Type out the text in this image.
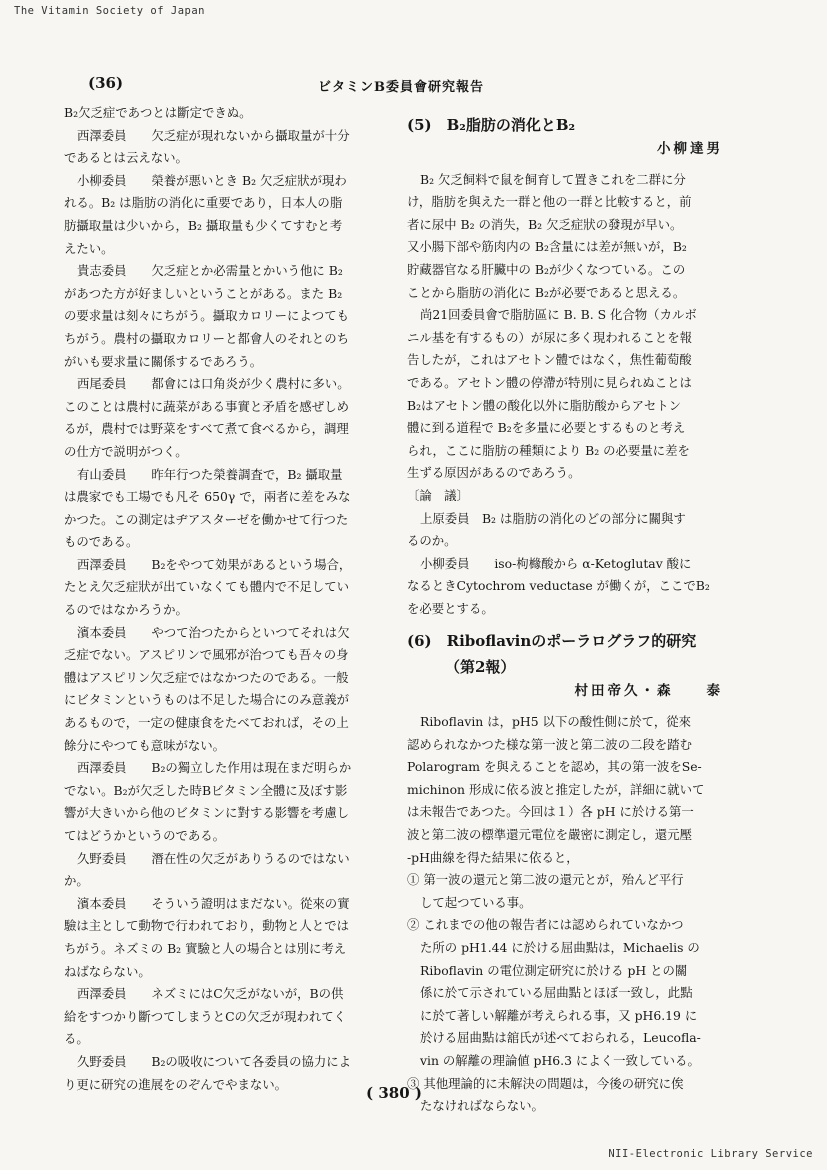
The Vitamin Society of Japan
(36)	ビタミンB委員會研究報告
B₂欠乏症であつとは斷定できぬ。
西澤委員　　欠乏症が現れないから攝取量が十分
であるとは云えない。
小柳委員　　榮養が悪いとき B₂ 欠乏症狀が現わ
れる。B₂ は脂肪の消化に重要であり，日本人の脂
肪攝取量は少いから，B₂ 攝取量も少くてすむと考
えたい。
貴志委員　　欠乏症とか必需量とかいう他に B₂
があつた方が好ましいということがある。また B₂
の要求量は刻々にちがう。攝取カロリーによつても
ちがう。農村の攝取カロリーと都會人のそれとのち
がいも要求量に關係するであろう。
西尾委員　　都會には口角炎が少く農村に多い。
このことは農村に蔬菜がある事實と矛盾を感ぜしめ
るが，農村では野菜をすべて煮て食べるから，調理
の仕方で説明がつく。
有山委員　　昨年行つた榮養調査で，B₂ 攝取量
は農家でも工場でも凡そ 650γ で，兩者に差をみな
かつた。この測定はヂアスターゼを働かせて行つた
ものである。
西澤委員　　B₂をやつて効果があるという場合，
たとえ欠乏症狀が出ていなくても體内で不足してい
るのではなかろうか。
濱本委員　　やつて治つたからといつてそれは欠
乏症でない。アスピリンで風邪が治つても吾々の身
體はアスピリン欠乏症ではなかつたのである。一般
にビタミンというものは不足した場合にのみ意義が
あるもので，一定の健康食をたべておれば，その上
餘分にやつても意味がない。
西澤委員　　B₂の獨立した作用は現在まだ明らか
でない。B₂が欠乏した時Bビタミン全體に及ぼす影
響が大きいから他のビタミンに對する影響を考慮し
てはどうかというのである。
久野委員　　潛在性の欠乏がありうるのではない
か。
濱本委員　　そういう證明はまだない。從來の實
驗は主として動物で行われており，動物と人とでは
ちがう。ネズミの B₂ 實驗と人の場合とは別に考え
ねばならない。
西澤委員　　ネズミにはC欠乏がないが，Bの供
給をすつかり斷つてしまうとCの欠乏が現われてく
る。
久野委員　　B₂の吸收について各委員の協力によ
り更に研究の進展をのぞんでやまない。
(5)　B₂脂肪の消化とB₂
小柳達男
B₂ 欠乏飼料で鼠を飼育して置きこれを二群に分
け，脂肪を與えた一群と他の一群と比較すると，前
者に尿中 B₂ の消失，B₂ 欠乏症狀の發現が早い。
又小腸下部や筋肉内の B₂含量には差が無いが，B₂
貯藏器官なる肝臟中の B₂が少くなつている。この
ことから脂肪の消化に B₂が必要であると思える。
尚21回委員會で脂肪區に B. B. S 化合物（カルボ
ニル基を有するもの）が尿に多く現われることを報
告したが，これはアセトン體ではなく，焦性葡萄酸
である。アセトン體の停滯が特別に見られぬことは
B₂はアセトン體の酸化以外に脂肪酸からアセトン
體に到る道程で B₂を多量に必要とするものと考え
られ，ここに脂肪の種類により B₂ の必要量に差を
生ずる原因があるのであろう。
〔論　議〕
上原委員　B₂ は脂肪の消化のどの部分に關與す
るのか。
小柳委員　　iso-枸櫞酸から α-Ketoglutav 酸に
なるときCytochrom veductase が働くが，ここでB₂
を必要とする。
(6)　Riboflavinのポーラログラフ的研究
（第2報）
村田帝久・森　　泰
Riboflavin は，pH5 以下の酸性側に於て，從來
認められなかつた様な第一波と第二波の二段を踏む
Polarogram を與えることを認め，其の第一波をSe-
michinon 形成に依る波と推定したが，詳細に就いて
は未報告であつた。今回は１）各 pH に於ける第一
波と第二波の標準還元電位を嚴密に測定し，還元壓
-pH曲線を得た結果に依ると，
① 第一波の還元と第二波の還元とが，殆んど平行
して起つている事。
② これまでの他の報告者には認められていなかつ
た所の pH1.44 に於ける屈曲點は，Michaelis の
Riboflavin の電位測定研究に於ける pH との關
係に於て示されている屈曲點とほぼ一致し，此點
に於て著しい解離が考えられる事，又 pH6.19 に
於ける屈曲點は舘氏が述べておられる，Leucofla-
vin の解離の理論値 pH6.3 によく一致している。
③ 其他理論的に未解決の問題は，今後の研究に俟
たなければならない。
( 380 )
NII-Electronic Library Service
